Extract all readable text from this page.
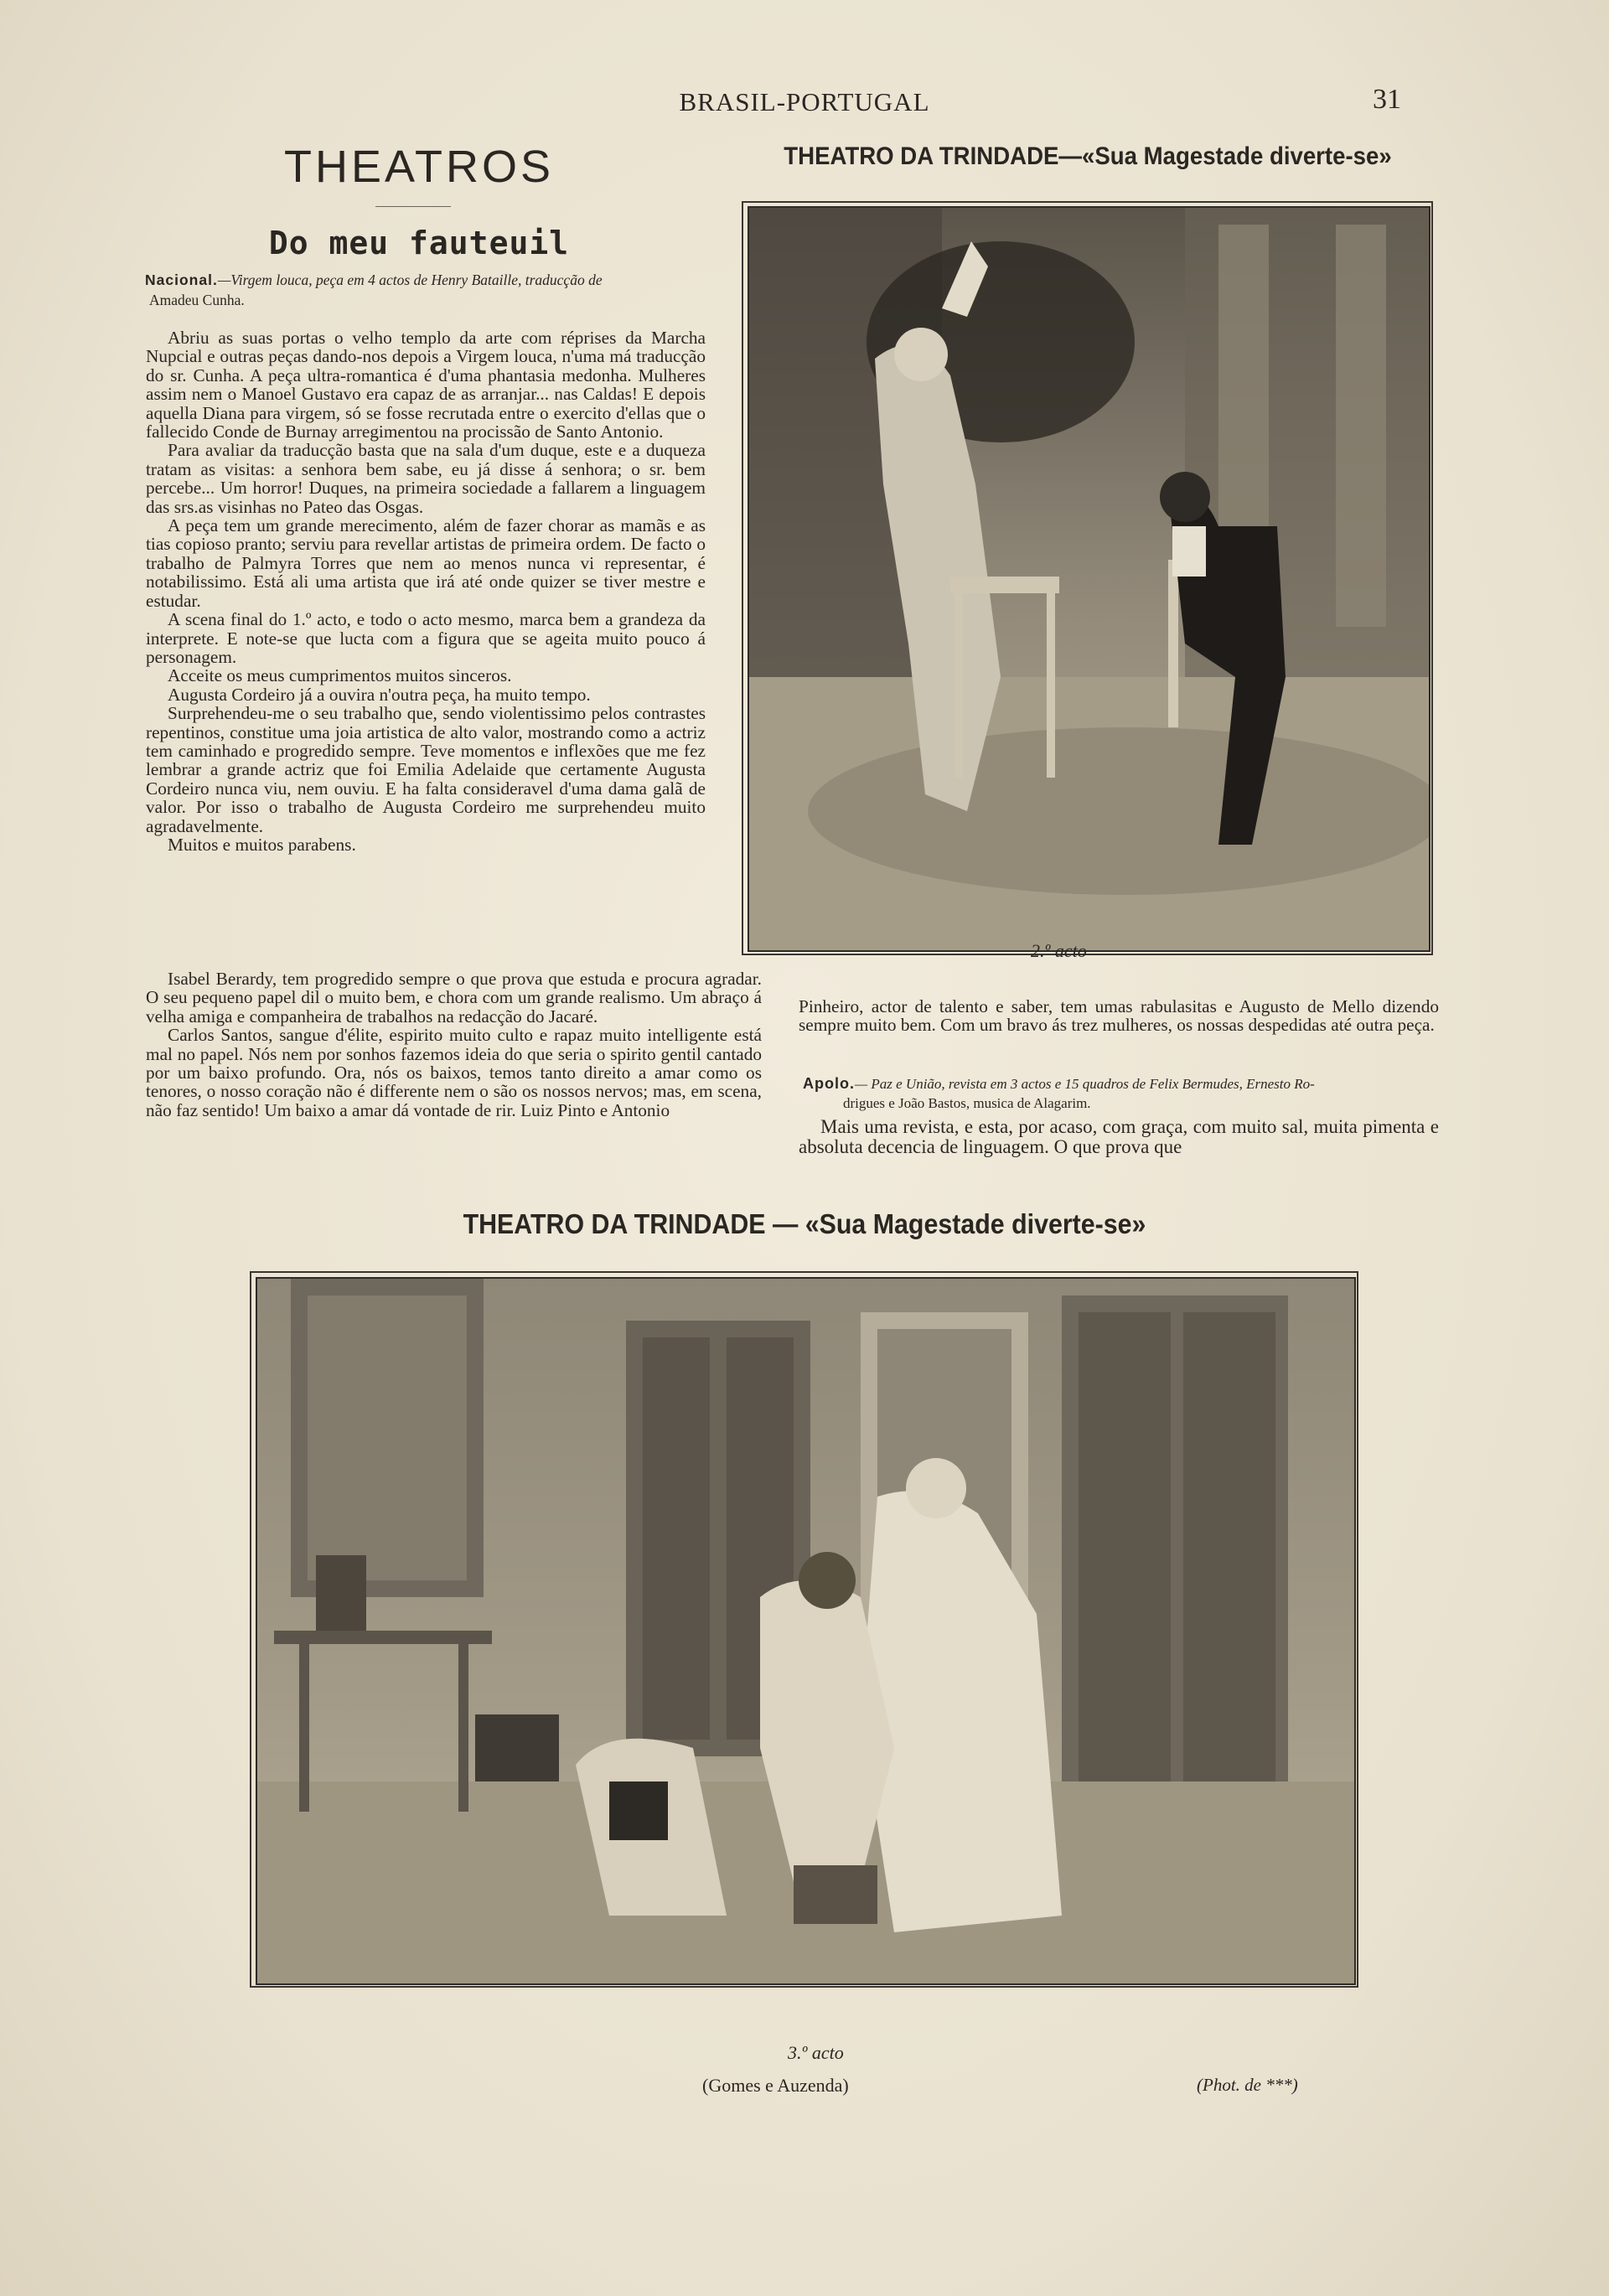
BRASIL-PORTUGAL	31
THEATROS
Do meu fauteuil
Nacional.—Virgem louca, peça em 4 actos de Henry Bataille, traducção de
Amadeu Cunha.

Abriu as suas portas o velho templo da arte com réprises da Marcha Nupcial e outras peças dando-nos depois a Virgem louca, n'uma má traducção do sr. Cunha. A peça ultra-romantica é d'uma phantasia medonha. Mulheres assim nem o Manoel Gustavo era capaz de as arranjar... nas Caldas! E depois aquella Diana para virgem, só se fosse recrutada entre o exercito d'ellas que o fallecido Conde de Burnay arregimentou na procissão de Santo Antonio.

Para avaliar da traducção basta que na sala d'um duque, este e a duqueza tratam as visitas: a senhora bem sabe, eu já disse á senhora; o sr. bem percebe... Um horror! Duques, na primeira sociedade a fallarem a linguagem das srs.as visinhas no Pateo das Osgas.

A peça tem um grande merecimento, além de fazer chorar as mamãs e as tias copioso pranto; serviu para revellar artistas de primeira ordem. De facto o trabalho de Palmyra Torres que nem ao menos nunca vi representar, é notabilissimo. Está ali uma artista que irá até onde quizer se tiver mestre e estudar.

A scena final do 1.º acto, e todo o acto mesmo, marca bem a grandeza da interprete. E note-se que lucta com a figura que se ageita muito pouco á personagem.

Acceite os meus cumprimentos muitos sinceros.

Augusta Cordeiro já a ouvira n'outra peça, ha muito tempo.

Surprehendeu-me o seu trabalho que, sendo violentissimo pelos contrastes repentinos, constitue uma joia artistica de alto valor, mostrando como a actriz tem caminhado e progredido sempre. Teve momentos e inflexões que me fez lembrar a grande actriz que foi Emilia Adelaide que certamente Augusta Cordeiro nunca viu, nem ouviu. E ha falta consideravel d'uma dama galã de valor. Por isso o trabalho de Augusta Cordeiro me surprehendeu muito agradavelmente.

Muitos e muitos parabens.

Isabel Berardy, tem progredido sempre o que prova que estuda e procura agradar. O seu pequeno papel dil o muito bem, e chora com um grande realismo. Um abraço á velha amiga e companheira de trabalhos na redacção do Jacaré.

Carlos Santos, sangue d'élite, espirito muito culto e rapaz muito intelligente está mal no papel. Nós nem por sonhos fazemos ideia do que seria o spirito gentil cantado por um baixo profundo. Ora, nós os baixos, temos tanto direito a amar como os tenores, o nosso coração não é differente nem o são os nossos nervos; mas, em scena, não faz sentido! Um baixo a amar dá vontade de rir. Luiz Pinto e Antonio

THEATRO DA TRINDADE—«Sua Magestade diverte-se»
2.º acto

Pinheiro, actor de talento e saber, tem umas rabulasitas e Augusto de Mello dizendo sempre muito bem. Com um bravo ás trez mulheres, os nossas despedidas até outra peça.

Apolo.— Paz e União, revista em 3 actos e 15 quadros de Felix Bermudes, Ernesto Ro-
drigues e João Bastos, musica de Alagarim.

Mais uma revista, e esta, por acaso, com graça, com muito sal, muita pimenta e absoluta decencia de linguagem. O que prova que

THEATRO DA TRINDADE — «Sua Magestade diverte-se»
3.º acto
(Gomes e Auzenda)	(Phot. de ***)
